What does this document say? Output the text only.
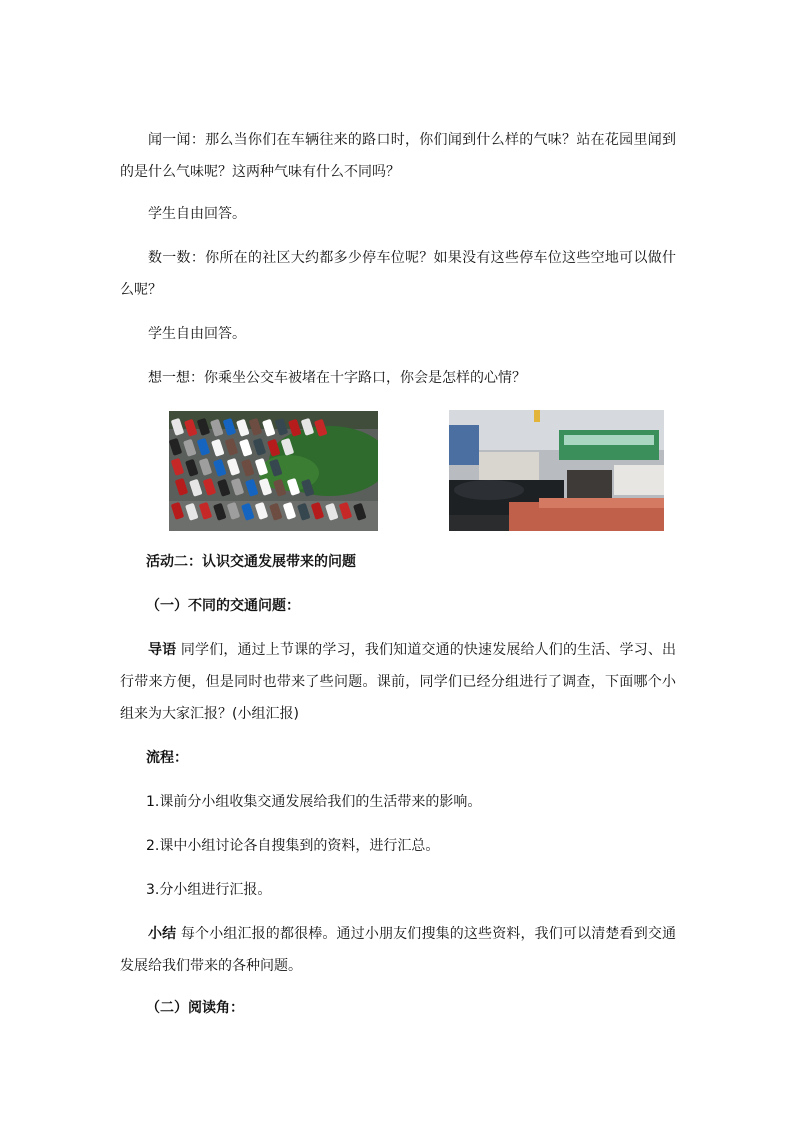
闻一闻：那么当你们在车辆往来的路口时，你们闻到什么样的气味？站在花园里闻到的是什么气味呢？这两种气味有什么不同吗？
学生自由回答。
数一数：你所在的社区大约都多少停车位呢？如果没有这些停车位这些空地可以做什么呢？
学生自由回答。
想一想：你乘坐公交车被堵在十字路口，你会是怎样的心情？
活动二：认识交通发展带来的问题
（一）不同的交通问题：
导语 同学们，通过上节课的学习，我们知道交通的快速发展给人们的生活、学习、出行带来方便，但是同时也带来了些问题。课前，同学们已经分组进行了调查，下面哪个小组来为大家汇报？(小组汇报)
流程：
1.课前分小组收集交通发展给我们的生活带来的影响。
2.课中小组讨论各自搜集到的资料，进行汇总。
3.分小组进行汇报。
小结 每个小组汇报的都很棒。通过小朋友们搜集的这些资料，我们可以清楚看到交通发展给我们带来的各种问题。
（二）阅读角：
